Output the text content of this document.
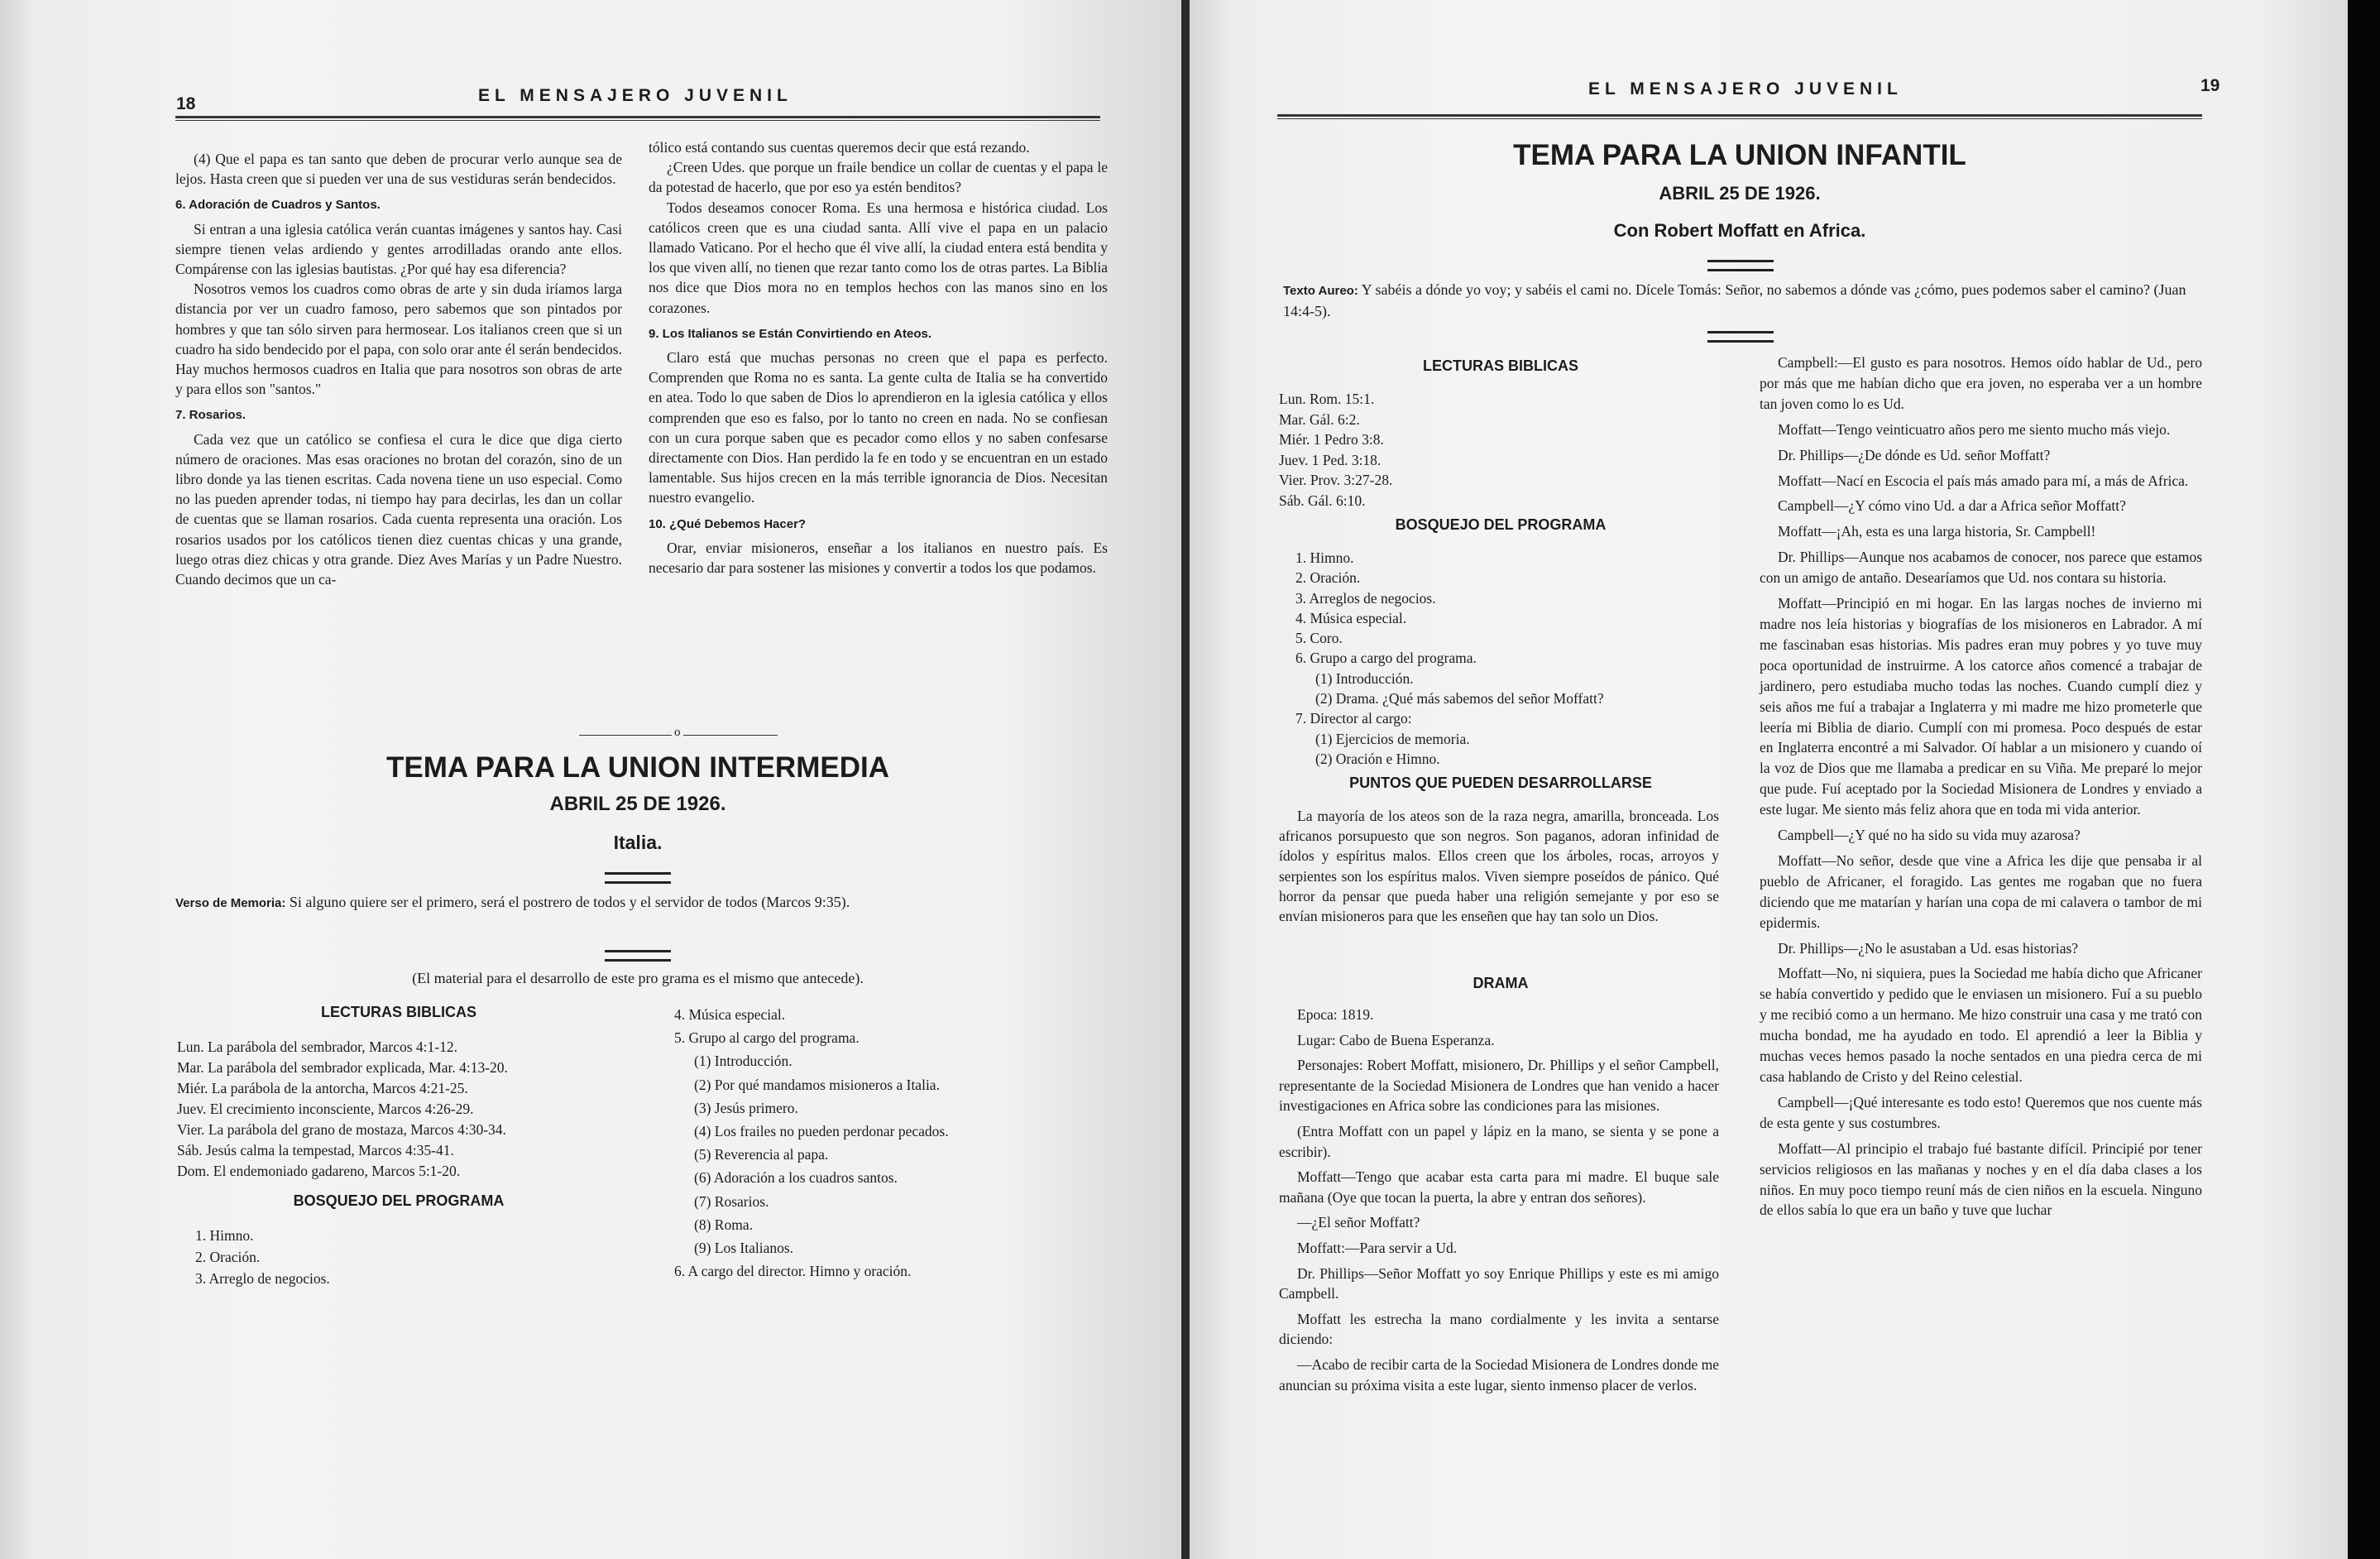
18	EL MENSAJERO JUVENIL

(4) Que el papa es tan santo que deben de procurar verlo aunque sea de lejos. Hasta creen que si pueden ver una de sus vestiduras serán bendecidos.

6. Adoración de Cuadros y Santos.

Si entran a una iglesia católica verán cuantas imágenes y santos hay. Casi siempre tienen velas ardiendo y gentes arrodilladas orando ante ellos. Compárense con las iglesias bautistas. ¿Por qué hay esa diferencia?

Nosotros vemos los cuadros como obras de arte y sin duda iríamos larga distancia por ver un cuadro famoso, pero sabemos que son pintados por hombres y que tan sólo sirven para hermosear. Los italianos creen que si un cuadro ha sido bendecido por el papa, con solo orar ante él serán bendecidos. Hay muchos hermosos cuadros en Italia que para nosotros son obras de arte y para ellos son "santos."

7. Rosarios.

Cada vez que un católico se confiesa el cura le dice que diga cierto número de oraciones. Mas esas oraciones no brotan del corazón, sino de un libro donde ya las tienen escritas. Cada novena tiene un uso especial. Como no las pueden aprender todas, ni tiempo hay para decirlas, les dan un collar de cuentas que se llaman rosarios. Cada cuenta representa una oración. Los rosarios usados por los católicos tienen diez cuentas chicas y una grande, luego otras diez chicas y otra grande. Diez Aves Marías y un Padre Nuestro. Cuando decimos que un ca-

tólico está contando sus cuentas queremos decir que está rezando.

¿Creen Udes. que porque un fraile bendice un collar de cuentas y el papa le da potestad de hacerlo, que por eso ya estén benditos?

Todos deseamos conocer Roma. Es una hermosa e histórica ciudad. Los católicos creen que es una ciudad santa. Allí vive el papa en un palacio llamado Vaticano. Por el hecho que él vive allí, la ciudad entera está bendita y los que viven allí, no tienen que rezar tanto como los de otras partes. La Biblia nos dice que Dios mora no en templos hechos con las manos sino en los corazones.

9. Los Italianos se Están Convirtiendo en Ateos.

Claro está que muchas personas no creen que el papa es perfecto. Comprenden que Roma no es santa. La gente culta de Italia se ha convertido en atea. Todo lo que saben de Dios lo aprendieron en la iglesia católica y ellos comprenden que eso es falso, por lo tanto no creen en nada. No se confiesan con un cura porque saben que es pecador como ellos y no saben confesarse directamente con Dios. Han perdido la fe en todo y se encuentran en un estado lamentable. Sus hijos crecen en la más terrible ignorancia de Dios. Necesitan nuestro evangelio.

10. ¿Qué Debemos Hacer?

Orar, enviar misioneros, enseñar a los italianos en nuestro país. Es necesario dar para sostener las misiones y convertir a todos los que podamos.

o
TEMA PARA LA UNION INTERMEDIA
ABRIL 25 DE 1926.
Italia.
Verso de Memoria: Si alguno quiere ser el primero, será el postrero de todos y el servidor de todos (Marcos 9:35).
(El material para el desarrollo de este pro grama es el mismo que antecede).
LECTURAS BIBLICAS
Lun. La parábola del sembrador, Marcos 4:1-12.
Mar. La parábola del sembrador explicada, Mar. 4:13-20.
Miér. La parábola de la antorcha, Marcos 4:21-25.
Juev. El crecimiento inconsciente, Marcos 4:26-29.
Vier. La parábola del grano de mostaza, Marcos 4:30-34.
Sáb. Jesús calma la tempestad, Marcos 4:35-41.
Dom. El endemoniado gadareno, Marcos 5:1-20.
BOSQUEJO DEL PROGRAMA
1. Himno.
2. Oración.
3. Arreglo de negocios.
4. Música especial.
5. Grupo al cargo del programa.
(1) Introducción.
(2) Por qué mandamos misioneros a Italia.
(3) Jesús primero.
(4) Los frailes no pueden perdonar pecados.
(5) Reverencia al papa.
(6) Adoración a los cuadros santos.
(7) Rosarios.
(8) Roma.
(9) Los Italianos.
6. A cargo del director. Himno y oración.
EL MENSAJERO JUVENIL	19
TEMA PARA LA UNION INFANTIL
ABRIL 25 DE 1926.
Con Robert Moffatt en Africa.
Texto Aureo: Y sabéis a dónde yo voy; y sabéis el cami no. Dícele Tomás: Señor, no sabemos a dónde vas ¿cómo, pues podemos saber el camino? (Juan 14:4-5).
LECTURAS BIBLICAS
Lun. Rom. 15:1.
Mar. Gál. 6:2.
Miér. 1 Pedro 3:8.
Juev. 1 Ped. 3:18.
Vier. Prov. 3:27-28.
Sáb. Gál. 6:10.
BOSQUEJO DEL PROGRAMA
1. Himno.
2. Oración.
3. Arreglos de negocios.
4. Música especial.
5. Coro.
6. Grupo a cargo del programa.
(1) Introducción.
(2) Drama. ¿Qué más sabemos del señor Moffatt?
7. Director al cargo:
(1) Ejercicios de memoria.
(2) Oración e Himno.
PUNTOS QUE PUEDEN DESARROLLARSE

La mayoría de los ateos son de la raza negra, amarilla, bronceada. Los africanos porsupuesto que son negros. Son paganos, adoran infinidad de ídolos y espíritus malos. Ellos creen que los árboles, rocas, arroyos y serpientes son los espíritus malos. Viven siempre poseídos de pánico. Qué horror da pensar que pueda haber una religión semejante y por eso se envían misioneros para que les enseñen que hay tan solo un Dios.

DRAMA

Epoca: 1819.

Lugar: Cabo de Buena Esperanza.

Personajes: Robert Moffatt, misionero, Dr. Phillips y el señor Campbell, representante de la Sociedad Misionera de Londres que han venido a hacer investigaciones en Africa sobre las condiciones para las misiones.

(Entra Moffatt con un papel y lápiz en la mano, se sienta y se pone a escribir).

Moffatt—Tengo que acabar esta carta para mi madre. El buque sale mañana (Oye que tocan la puerta, la abre y entran dos señores).

—¿El señor Moffatt?

Moffatt:—Para servir a Ud.

Dr. Phillips—Señor Moffatt yo soy Enrique Phillips y este es mi amigo Campbell.

Moffatt les estrecha la mano cordialmente y les invita a sentarse diciendo:

—Acabo de recibir carta de la Sociedad Misionera de Londres donde me anuncian su próxima visita a este lugar, siento inmenso placer de verlos.

Campbell:—El gusto es para nosotros. Hemos oído hablar de Ud., pero por más que me habían dicho que era joven, no esperaba ver a un hombre tan joven como lo es Ud.

Moffatt—Tengo veinticuatro años pero me siento mucho más viejo.

Dr. Phillips—¿De dónde es Ud. señor Moffatt?

Moffatt—Nací en Escocia el país más amado para mí, a más de Africa.

Campbell—¿Y cómo vino Ud. a dar a Africa señor Moffatt?

Moffatt—¡Ah, esta es una larga historia, Sr. Campbell!

Dr. Phillips—Aunque nos acabamos de conocer, nos parece que estamos con un amigo de antaño. Desearíamos que Ud. nos contara su historia.

Moffatt—Principió en mi hogar. En las largas noches de invierno mi madre nos leía historias y biografías de los misioneros en Labrador. A mí me fascinaban esas historias. Mis padres eran muy pobres y yo tuve muy poca oportunidad de instruirme. A los catorce años comencé a trabajar de jardinero, pero estudiaba mucho todas las noches. Cuando cumplí diez y seis años me fuí a trabajar a Inglaterra y mi madre me hizo prometerle que leería mi Biblia de diario. Cumplí con mi promesa. Poco después de estar en Inglaterra encontré a mi Salvador. Oí hablar a un misionero y cuando oí la voz de Dios que me llamaba a predicar en su Viña. Me preparé lo mejor que pude. Fuí aceptado por la Sociedad Misionera de Londres y enviado a este lugar. Me siento más feliz ahora que en toda mi vida anterior.

Campbell—¿Y qué no ha sido su vida muy azarosa?

Moffatt—No señor, desde que vine a Africa les dije que pensaba ir al pueblo de Africaner, el foragido. Las gentes me rogaban que no fuera diciendo que me matarían y harían una copa de mi calavera o tambor de mi epidermis.

Dr. Phillips—¿No le asustaban a Ud. esas historias?

Moffatt—No, ni siquiera, pues la Sociedad me había dicho que Africaner se había convertido y pedido que le enviasen un misionero. Fuí a su pueblo y me recibió como a un hermano. Me hizo construir una casa y me trató con mucha bondad, me ha ayudado en todo. El aprendió a leer la Biblia y muchas veces hemos pasado la noche sentados en una piedra cerca de mi casa hablando de Cristo y del Reino celestial.

Campbell—¡Qué interesante es todo esto! Queremos que nos cuente más de esta gente y sus costumbres.

Moffatt—Al principio el trabajo fué bastante difícil. Principié por tener servicios religiosos en las mañanas y noches y en el día daba clases a los niños. En muy poco tiempo reuní más de cien niños en la escuela. Ninguno de ellos sabía lo que era un baño y tuve que luchar
